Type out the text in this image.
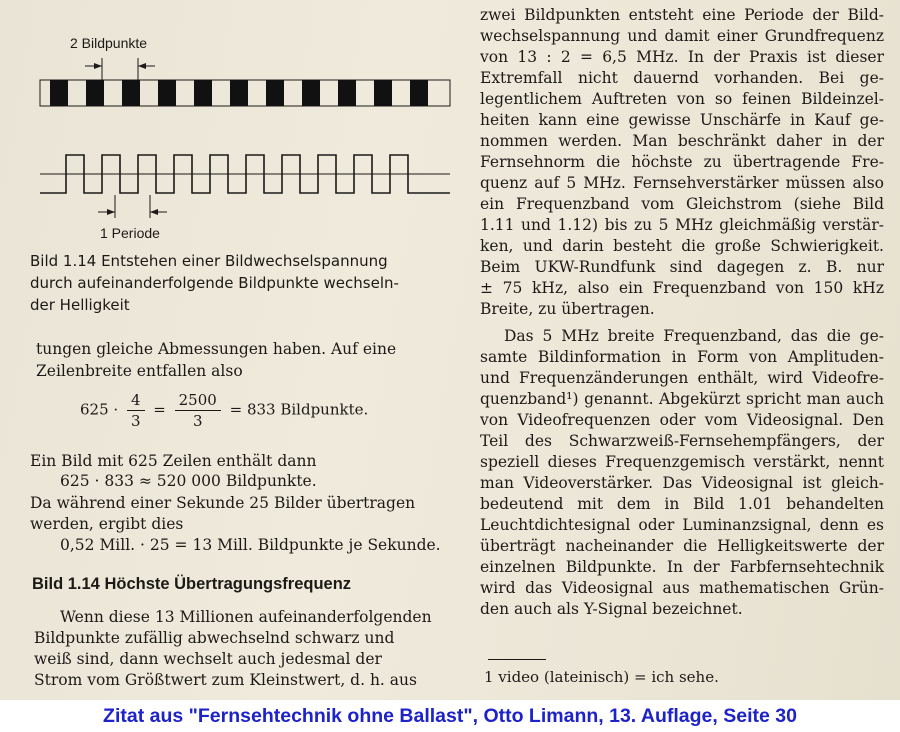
2 Bildpunkte
1 Periode
Bild 1.14 Entstehen einer Bildwechselspannung
durch aufeinanderfolgende Bildpunkte wechseln-
der Helligkeit
tungen gleiche Abmessungen haben. Auf eine
Zeilenbreite entfallen also
$625 \cdot \frac{4}{3} = \frac{2500}{3} = 833$ Bildpunkte.
Ein Bild mit 625 Zeilen enthält dann
625 · 833 ≈ 520 000 Bildpunkte.
Da während einer Sekunde 25 Bilder übertragen
werden, ergibt dies
0,52 Mill. · 25 = 13 Mill. Bildpunkte je Sekunde.
Bild 1.14 Höchste Übertragungsfrequenz
Wenn diese 13 Millionen aufeinanderfolgenden
Bildpunkte zufällig abwechselnd schwarz und
weiß sind, dann wechselt auch jedesmal der
Strom vom Größtwert zum Kleinstwert, d. h. aus
zwei Bildpunkten entsteht eine Periode der Bild-
wechselspannung und damit einer Grundfrequenz
von 13 : 2 = 6,5 MHz. In der Praxis ist dieser
Extremfall nicht dauernd vorhanden. Bei ge-
legentlichem Auftreten von so feinen Bildeinzel-
heiten kann eine gewisse Unschärfe in Kauf ge-
nommen werden. Man beschränkt daher in der
Fernsehnorm die höchste zu übertragende Fre-
quenz auf 5 MHz. Fernsehverstärker müssen also
ein Frequenzband vom Gleichstrom (siehe Bild
1.11 und 1.12) bis zu 5 MHz gleichmäßig verstär-
ken, und darin besteht die große Schwierigkeit.
Beim UKW-Rundfunk sind dagegen z. B. nur
± 75 kHz, also ein Frequenzband von 150 kHz
Breite, zu übertragen.
Das 5 MHz breite Frequenzband, das die ge-
samte Bildinformation in Form von Amplituden-
und Frequenzänderungen enthält, wird Videofre-
quenzband¹) genannt. Abgekürzt spricht man auch
von Videofrequenzen oder vom Videosignal. Den
Teil des Schwarzweiß-Fernsehempfängers, der
speziell dieses Frequenzgemisch verstärkt, nennt
man Videoverstärker. Das Videosignal ist gleich-
bedeutend mit dem in Bild 1.01 behandelten
Leuchtdichtesignal oder Luminanzsignal, denn es
überträgt nacheinander die Helligkeitswerte der
einzelnen Bildpunkte. In der Farbfernsehtechnik
wird das Videosignal aus mathematischen Grün-
den auch als Y-Signal bezeichnet.
1 video (lateinisch) = ich sehe.
Zitat aus "Fernsehtechnik ohne Ballast", Otto Limann, 13. Auflage, Seite 30
